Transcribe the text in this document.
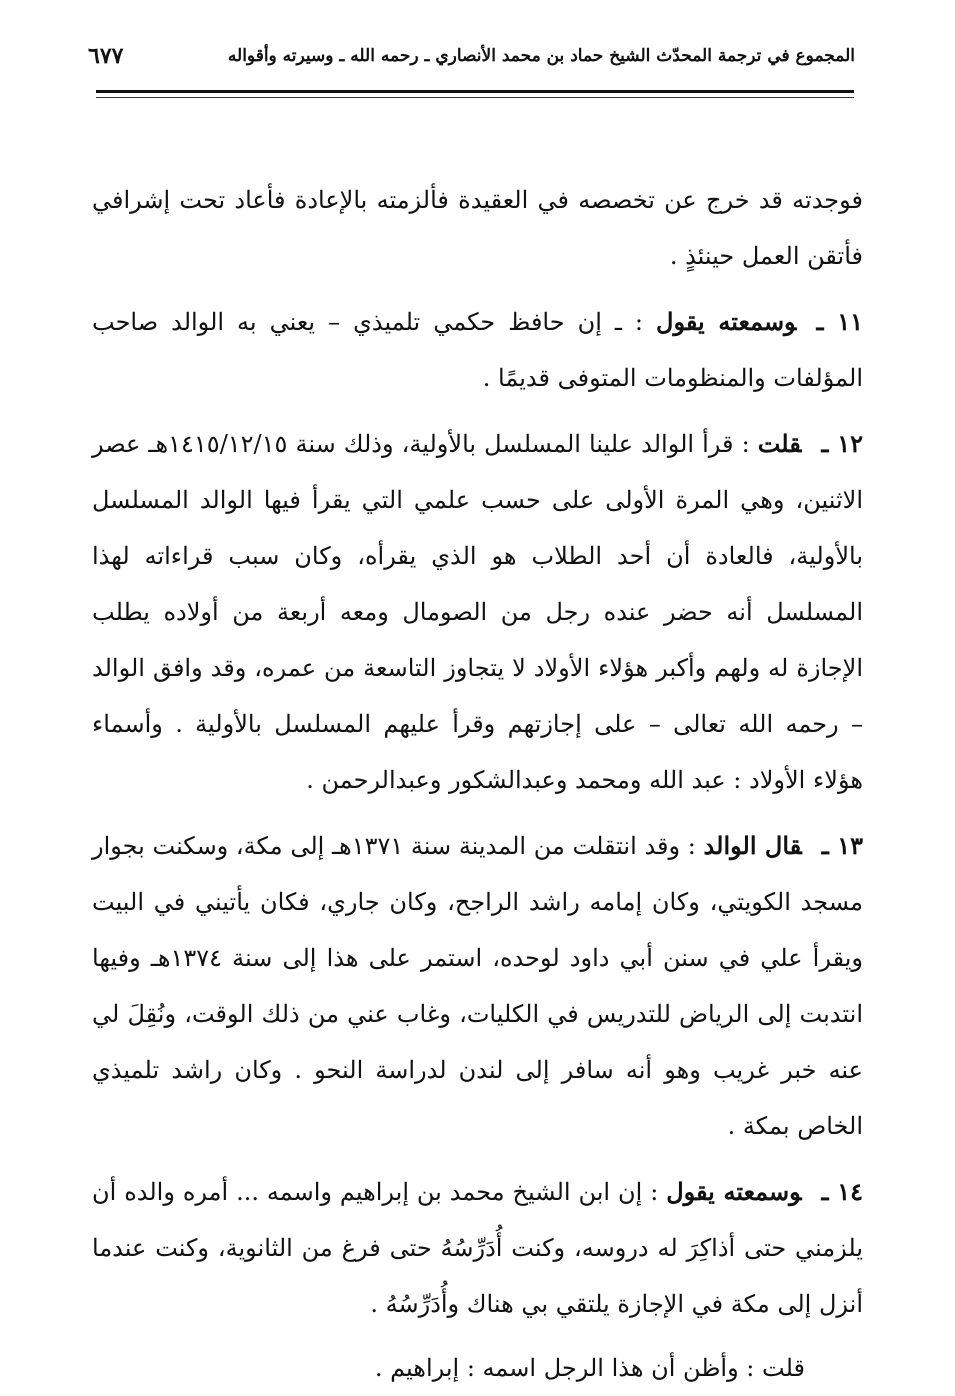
المجموع في ترجمة المحدّث الشيخ حماد بن محمد الأنصاري ـ رحمه الله ـ وسيرته وأقواله
٦٧٧

فوجدته قد خرج عن تخصصه في العقيدة فألزمته بالإعادة فأعاد تحت إشرافي فأتقن العمل حينئذٍ .

١١ ـوسمعته يقول : ـ إن حافظ حكمي تلميذي – يعني به الوالد صاحب المؤلفات والمنظومات المتوفى قديمًا .

١٢ ـقلت : قرأ الوالد علينا المسلسل بالأولية، وذلك سنة ١٤١٥/١٢/١٥هـ عصر الاثنين، وهي المرة الأولى على حسب علمي التي يقرأ فيها الوالد المسلسل بالأولية، فالعادة أن أحد الطلاب هو الذي يقرأه، وكان سبب قراءاته لهذا المسلسل أنه حضر عنده رجل من الصومال ومعه أربعة من أولاده يطلب الإجازة له ولهم وأكبر هؤلاء الأولاد لا يتجاوز التاسعة من عمره، وقد وافق الوالد – رحمه الله تعالى – على إجازتهم وقرأ عليهم المسلسل بالأولية . وأسماء هؤلاء الأولاد : عبد الله ومحمد وعبدالشكور وعبدالرحمن .

١٣ ـقال الوالد : وقد انتقلت من المدينة سنة ١٣٧١هـ إلى مكة، وسكنت بجوار مسجد الكويتي، وكان إمامه راشد الراجح، وكان جاري، فكان يأتيني في البيت ويقرأ علي في سنن أبي داود لوحده، استمر على هذا إلى سنة ١٣٧٤هـ وفيها انتدبت إلى الرياض للتدريس في الكليات، وغاب عني من ذلك الوقت، ونُقِلَ لي عنه خبر غريب وهو أنه سافر إلى لندن لدراسة النحو . وكان راشد تلميذي الخاص بمكة .

١٤ ـوسمعته يقول : إن ابن الشيخ محمد بن إبراهيم واسمه ... أمره والده أن يلزمني حتى أذاكِرَ له دروسه، وكنت أُدَرِّسُهُ حتى فرغ من الثانوية، وكنت عندما أنزل إلى مكة في الإجازة يلتقي بي هناك وأُدَرِّسُهُ .

قلت : وأظن أن هذا الرجل اسمه : إبراهيم .
